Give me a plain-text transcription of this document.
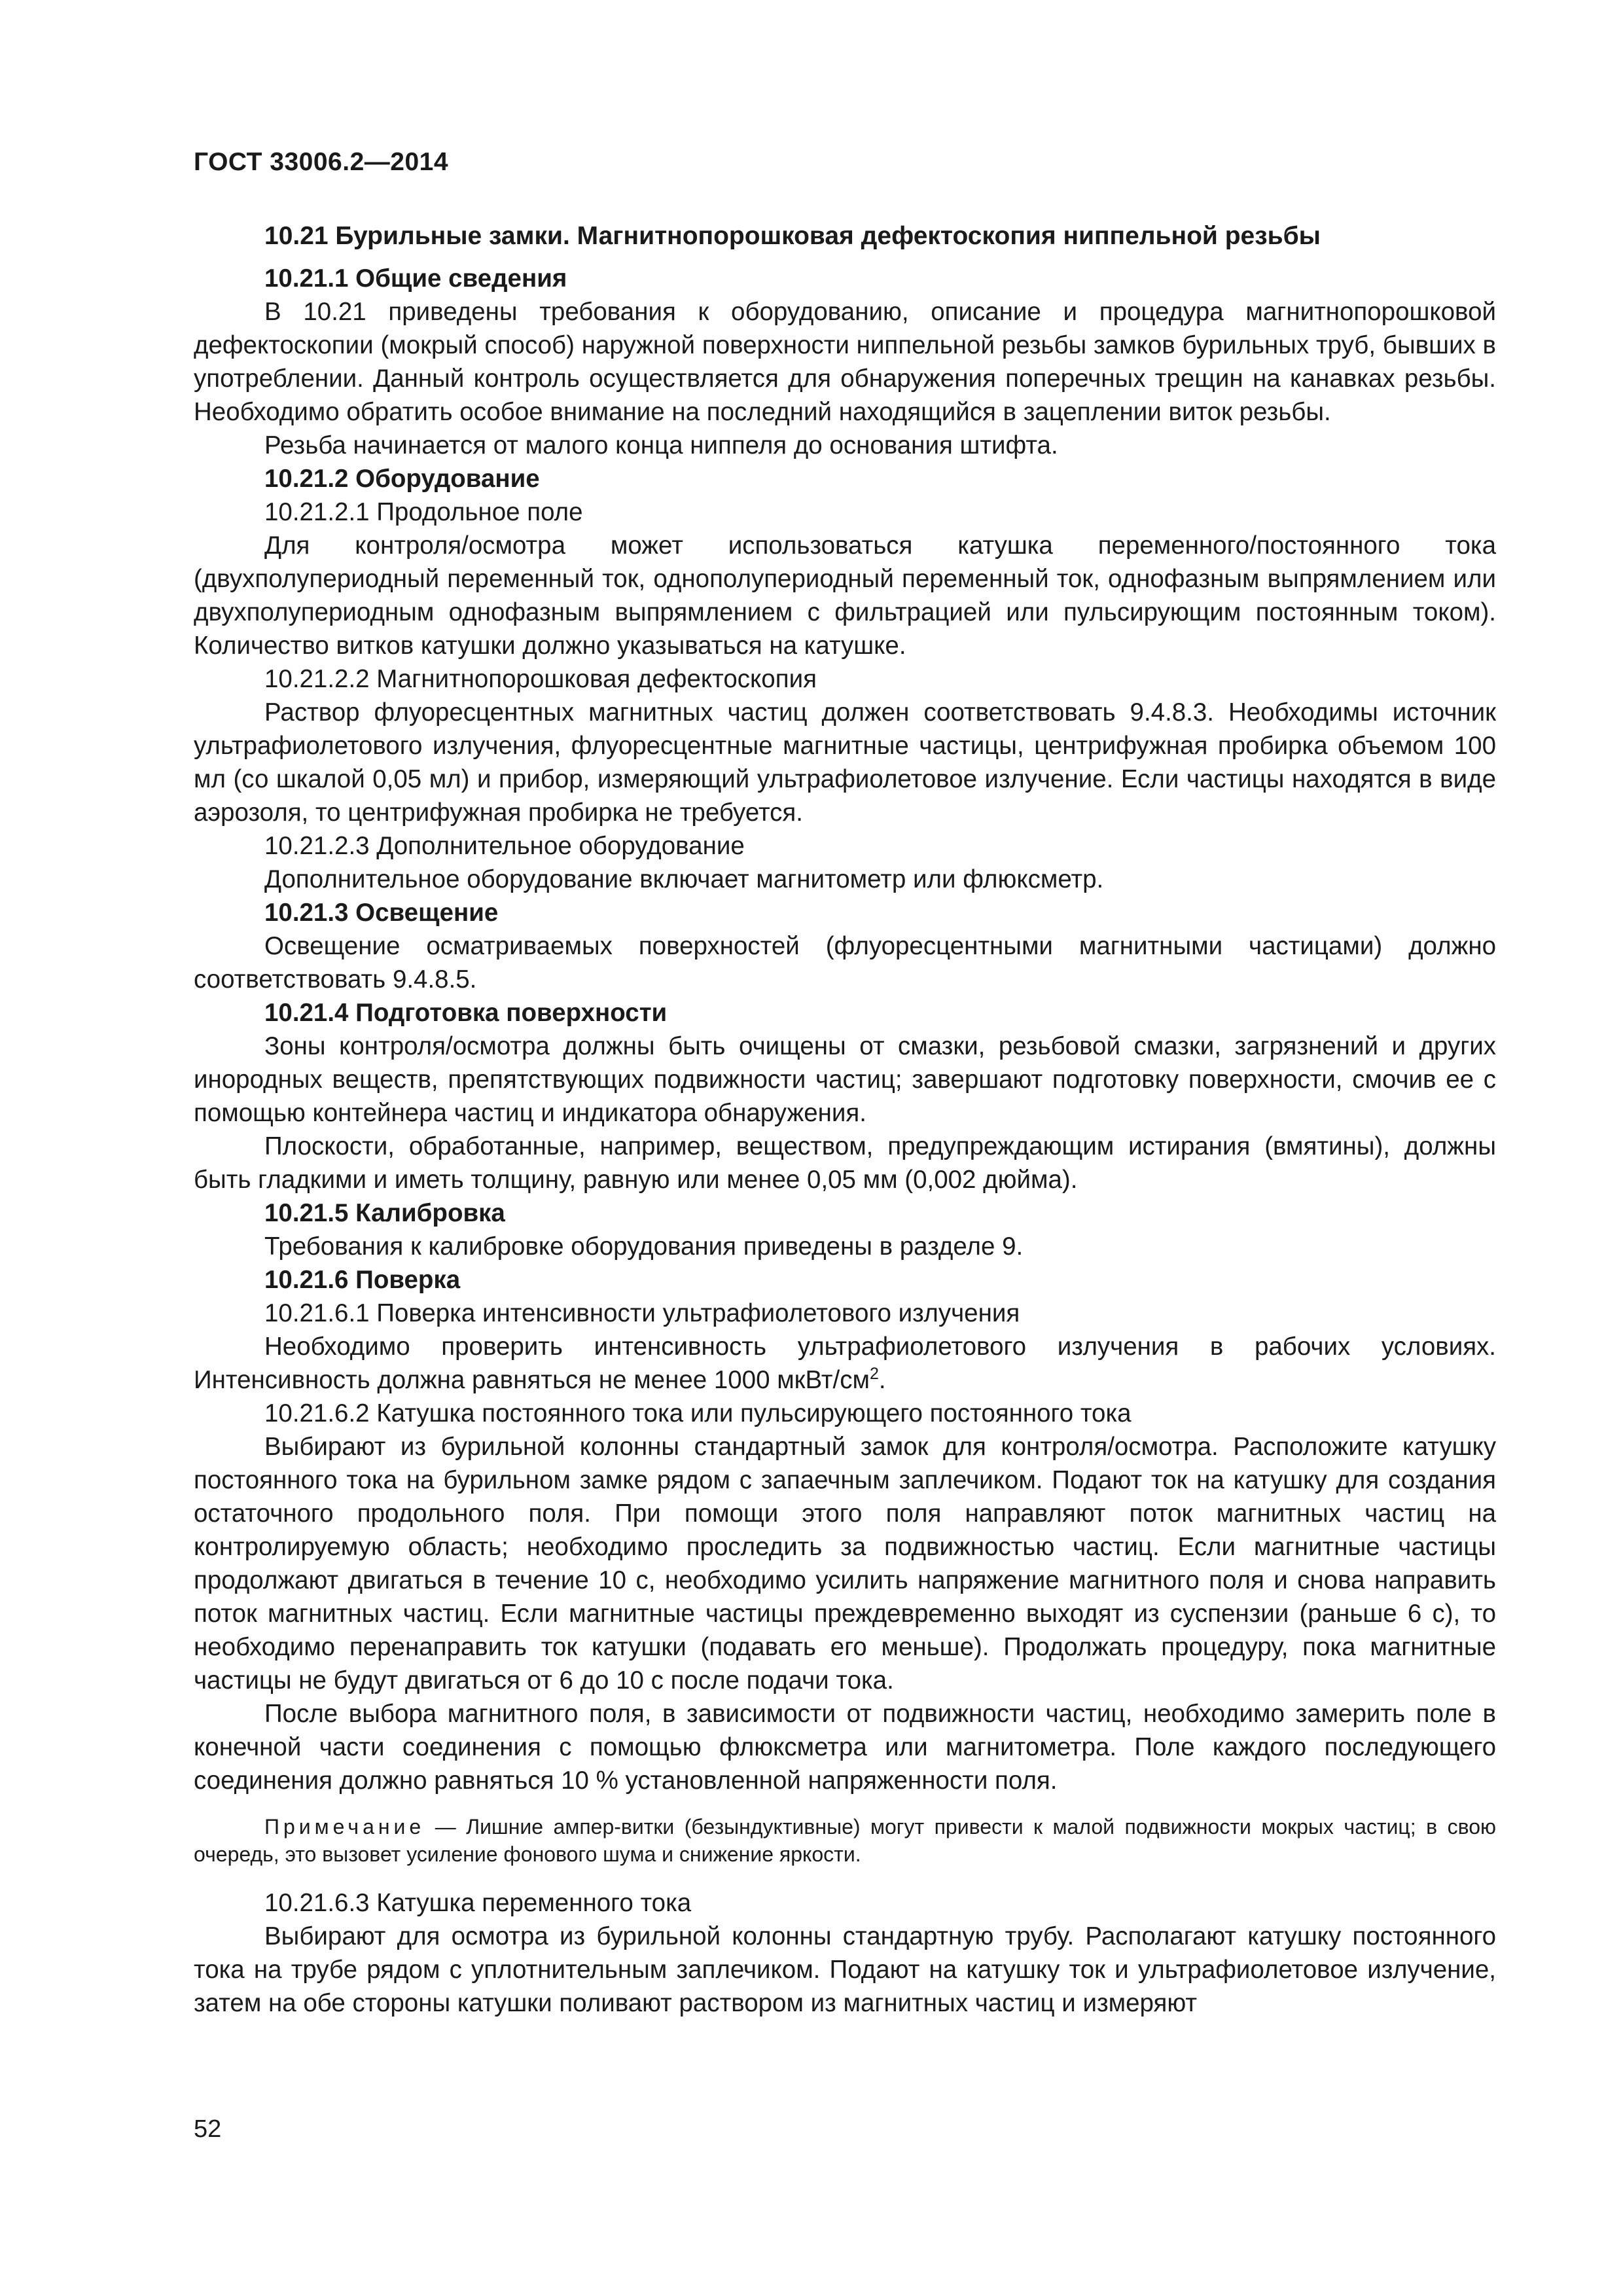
ГОСТ 33006.2—2014

10.21 Бурильные замки. Магнитнопорошковая дефектоскопия ниппельной резьбы
10.21.1 Общие сведения

В 10.21 приведены требования к оборудованию, описание и процедура магнитнопорошковой дефектоскопии (мокрый способ) наружной поверхности ниппельной резьбы замков бурильных труб, бывших в употреблении. Данный контроль осуществляется для обнаружения поперечных трещин на канавках резьбы. Необходимо обратить особое внимание на последний находящийся в зацеплении виток резьбы.

Резьба начинается от малого конца ниппеля до основания штифта.

10.21.2 Оборудование

10.21.2.1 Продольное поле

Для контроля/осмотра может использоваться катушка переменного/постоянного тока (двухполупериодный переменный ток, однополупериодный переменный ток, однофазным выпрямлением или двухполупериодным однофазным выпрямлением с фильтрацией или пульсирующим постоянным током). Количество витков катушки должно указываться на катушке.

10.21.2.2 Магнитнопорошковая дефектоскопия

Раствор флуоресцентных магнитных частиц должен соответствовать 9.4.8.3. Необходимы источник ультрафиолетового излучения, флуоресцентные магнитные частицы, центрифужная пробирка объемом 100 мл (со шкалой 0,05 мл) и прибор, измеряющий ультрафиолетовое излучение. Если частицы находятся в виде аэрозоля, то центрифужная пробирка не требуется.

10.21.2.3 Дополнительное оборудование

Дополнительное оборудование включает магнитометр или флюксметр.

10.21.3 Освещение

Освещение осматриваемых поверхностей (флуоресцентными магнитными частицами) должно соответствовать 9.4.8.5.

10.21.4 Подготовка поверхности

Зоны контроля/осмотра должны быть очищены от смазки, резьбовой смазки, загрязнений и других инородных веществ, препятствующих подвижности частиц; завершают подготовку поверхности, смочив ее с помощью контейнера частиц и индикатора обнаружения.

Плоскости, обработанные, например, веществом, предупреждающим истирания (вмятины), должны быть гладкими и иметь толщину, равную или менее 0,05 мм (0,002 дюйма).

10.21.5 Калибровка

Требования к калибровке оборудования приведены в разделе 9.

10.21.6 Поверка

10.21.6.1 Поверка интенсивности ультрафиолетового излучения

Необходимо проверить интенсивность ультрафиолетового излучения в рабочих условиях. Интенсивность должна равняться не менее 1000 мкВт/$см^2$.

10.21.6.2 Катушка постоянного тока или пульсирующего постоянного тока

Выбирают из бурильной колонны стандартный замок для контроля/осмотра. Расположите катушку постоянного тока на бурильном замке рядом с запаечным заплечиком. Подают ток на катушку для создания остаточного продольного поля. При помощи этого поля направляют поток магнитных частиц на контролируемую область; необходимо проследить за подвижностью частиц. Если магнитные частицы продолжают двигаться в течение 10 с, необходимо усилить напряжение магнитного поля и снова направить поток магнитных частиц. Если магнитные частицы преждевременно выходят из суспензии (раньше 6 с), то необходимо перенаправить ток катушки (подавать его меньше). Продолжать процедуру, пока магнитные частицы не будут двигаться от 6 до 10 с после подачи тока.

После выбора магнитного поля, в зависимости от подвижности частиц, необходимо замерить поле в конечной части соединения с помощью флюксметра или магнитометра. Поле каждого последующего соединения должно равняться 10 % установленной напряженности поля.

Примечание — Лишние ампер-витки (безындуктивные) могут привести к малой подвижности мокрых частиц; в свою очередь, это вызовет усиление фонового шума и снижение яркости.

10.21.6.3 Катушка переменного тока

Выбирают для осмотра из бурильной колонны стандартную трубу. Располагают катушку постоянного тока на трубе рядом с уплотнительным заплечиком. Подают на катушку ток и ультрафиолетовое излучение, затем на обе стороны катушки поливают раствором из магнитных частиц и измеряют

52
